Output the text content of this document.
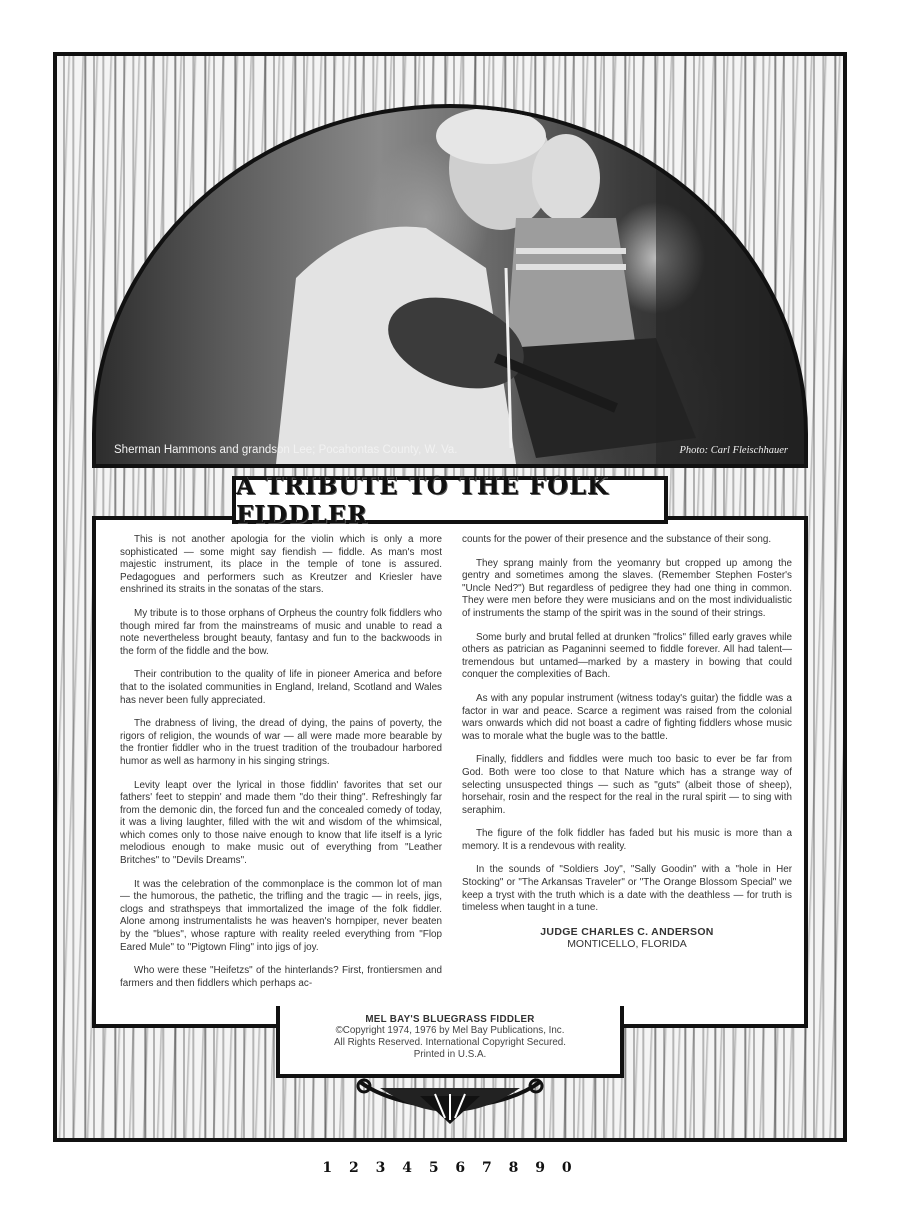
Sherman Hammons and grandson Lee; Pocahontas County, W. Va.	Photo: Carl Fleischhauer

This is not another apologia for the violin which is only a more sophisticated — some might say fiendish — fiddle. As man's most majestic instrument, its place in the temple of tone is assured. Pedagogues and performers such as Kreutzer and Kriesler have enshrined its straits in the sonatas of the stars.

My tribute is to those orphans of Orpheus the country folk fiddlers who though mired far from the mainstreams of music and unable to read a note nevertheless brought beauty, fantasy and fun to the backwoods in the form of the fiddle and the bow.

Their contribution to the quality of life in pioneer America and before that to the isolated communities in England, Ireland, Scotland and Wales has never been fully appreciated.

The drabness of living, the dread of dying, the pains of poverty, the rigors of religion, the wounds of war — all were made more bearable by the frontier fiddler who in the truest tradition of the troubadour harbored humor as well as harmony in his singing strings.

Levity leapt over the lyrical in those fiddlin' favorites that set our fathers' feet to steppin' and made them "do their thing". Refreshingly far from the demonic din, the forced fun and the concealed comedy of today, it was a living laughter, filled with the wit and wisdom of the whimsical, which comes only to those naive enough to know that life itself is a lyric melodious enough to make music out of everything from "Leather Britches" to "Devils Dreams".

It was the celebration of the commonplace is the common lot of man — the humorous, the pathetic, the trifling and the tragic — in reels, jigs, clogs and strathspeys that immortalized the image of the folk fiddler. Alone among instrumentalists he was heaven's hornpiper, never beaten by the "blues", whose rapture with reality reeled everything from "Flop Eared Mule" to "Pigtown Fling" into jigs of joy.

Who were these "Heifetzs" of the hinterlands? First, frontiersmen and farmers and then fiddlers which perhaps ac-

counts for the power of their presence and the substance of their song.

They sprang mainly from the yeomanry but cropped up among the gentry and sometimes among the slaves. (Remember Stephen Foster's "Uncle Ned?") But regardless of pedigree they had one thing in common. They were men before they were musicians and on the most individualistic of instruments the stamp of the spirit was in the sound of their strings.

Some burly and brutal felled at drunken "frolics" filled early graves while others as patrician as Paganinni seemed to fiddle forever. All had talent—tremendous but untamed—marked by a mastery in bowing that could conquer the complexities of Bach.

As with any popular instrument (witness today's guitar) the fiddle was a factor in war and peace. Scarce a regiment was raised from the colonial wars onwards which did not boast a cadre of fighting fiddlers whose music was to morale what the bugle was to the battle.

Finally, fiddlers and fiddles were much too basic to ever be far from God. Both were too close to that Nature which has a strange way of selecting unsuspected things — such as "guts" (albeit those of sheep), horsehair, rosin and the respect for the real in the rural spirit — to sing with seraphim.

The figure of the folk fiddler has faded but his music is more than a memory. It is a rendevous with reality.

In the sounds of "Soldiers Joy", "Sally Goodin" with a "hole in Her Stocking" or "The Arkansas Traveler" or "The Orange Blossom Special" we keep a tryst with the truth which is a date with the deathless — for truth is timeless when taught in a tune.

JUDGE CHARLES C. ANDERSON
MONTICELLO, FLORIDA
A TRIBUTE TO THE FOLK FIDDLER
MEL BAY'S BLUEGRASS FIDDLER
©Copyright 1974, 1976 by Mel Bay Publications, Inc.
All Rights Reserved. International Copyright Secured.
Printed in U.S.A.
1 2 3 4 5 6 7 8 9 0
